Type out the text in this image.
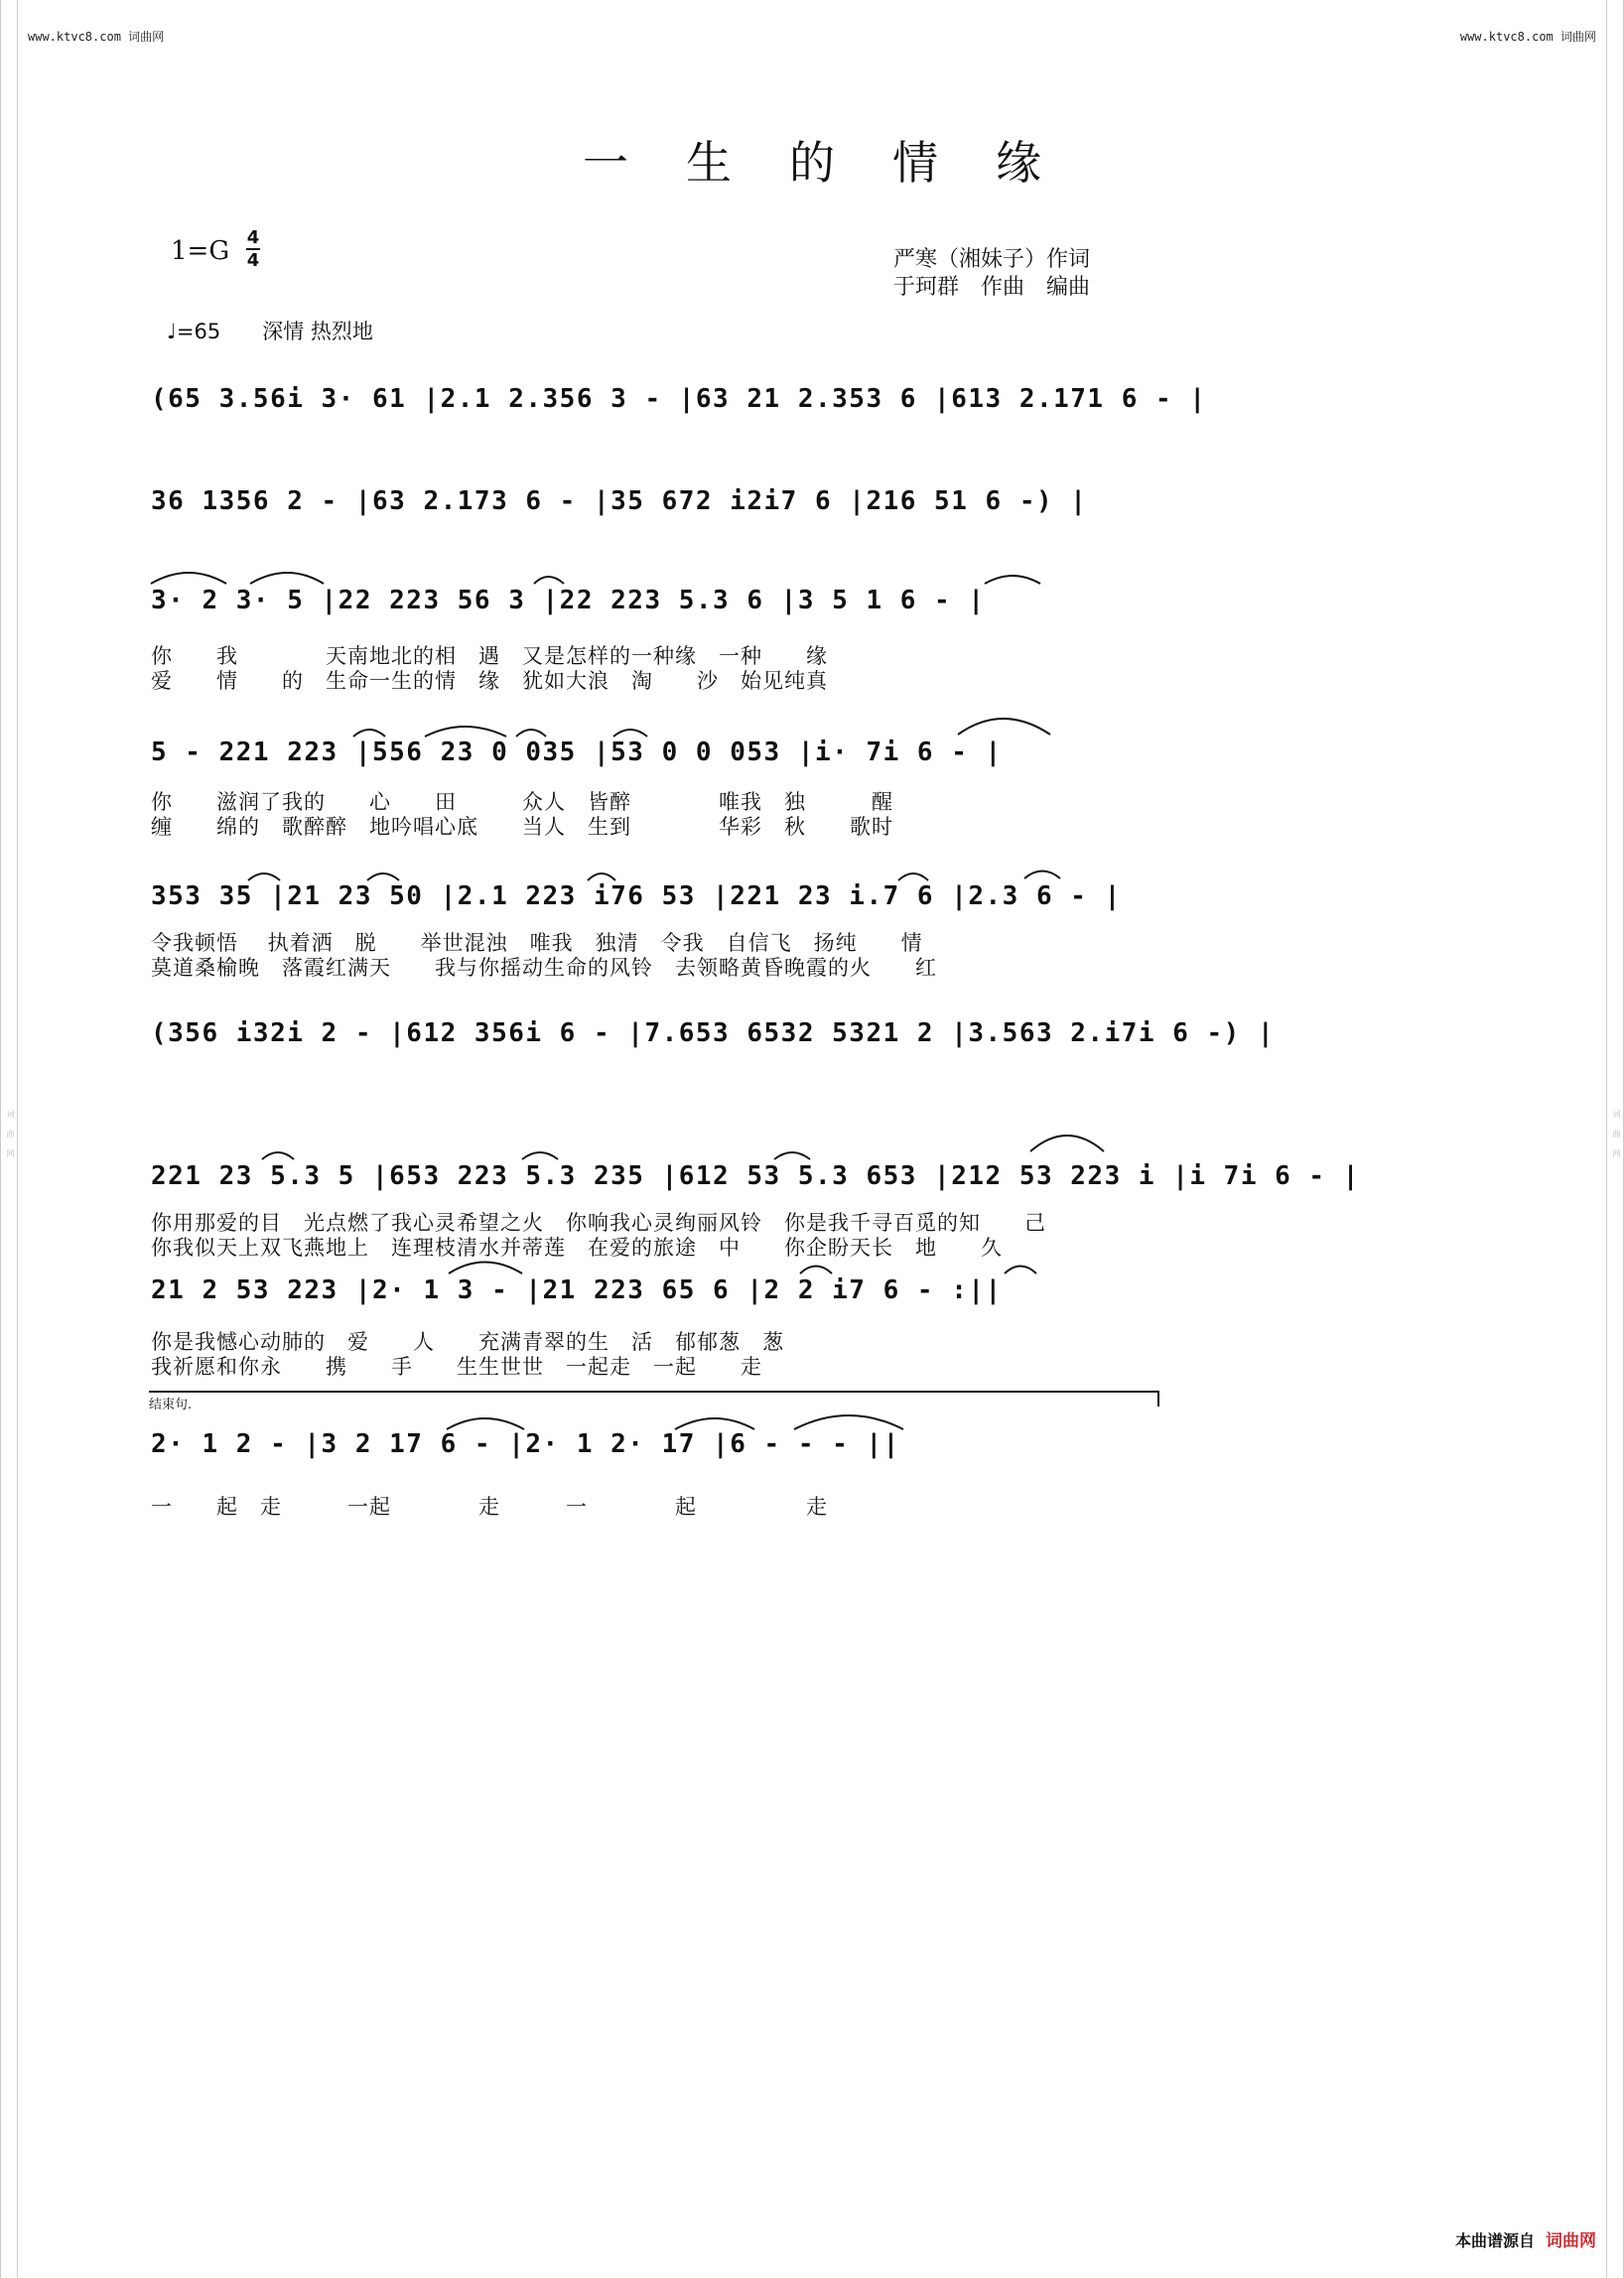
www.ktvc8.com 词曲网	www.ktvc8.com 词曲网
词曲网	词曲网
一生的情缘
1=G 4
4	严寒（湘妹子）作词
于珂群　作曲　编曲
♩=65　　深情 热烈地
(65 3.56i 3· 61 |2.1 2.356 3 - |63 21 2.353 6 |613 2.171 6 - |
36 1356 2 - |63 2.173 6 - |35 672 i2i7 6 |216 51 6 -) |
3· 2 3· 5 |22 223 56 3 |22 223 5.3 6 |3 5 1 6 - |
你　　我　　　　天南地北的相　遇　又是怎样的一种缘　一种　　缘
爱　　情　　的　生命一生的情　缘　犹如大浪　淘　　沙　始见纯真
5 - 221 223 |556 23 0 035 |53 0 0 053 |i· 7i 6 - |
你　　滋润了我的　　心　　田　　　众人　皆醉　　　　唯我　独　　　醒
缠　　绵的　歌醉醉　地吟唱心底　　当人　生到　　　　华彩　秋　　歌时
353 35 |21 23 50 |2.1 223 i76 53 |221 23 i.7 6 |2.3 6 - |
令我顿悟　 执着洒　脱　　举世混浊　唯我　独清　令我　自信飞　扬纯　　情
莫道桑榆晚　落霞红满天　　我与你摇动生命的风铃　去领略黄昏晚霞的火　　红
(356 i32i 2 - |612 356i 6 - |7.653 6532 5321 2 |3.563 2.i7i 6 -) |
221 23 5.3 5 |653 223 5.3 235 |612 53 5.3 653 |212 53 223 i |i 7i 6 - |
你用那爱的目　光点燃了我心灵希望之火　你响我心灵绚丽风铃　你是我千寻百觅的知　　己
你我似天上双飞燕地上　连理枝清水并蒂莲　在爱的旅途　中　　你企盼天长　地　　久
21 2 53 223 |2· 1 3 - |21 223 65 6 |2 2 i7 6 - :||
你是我憾心动肺的　爱　　人　　充满青翠的生　活　郁郁葱　葱
我祈愿和你永　　携　　手　　生生世世　一起走　一起　　走
结束句.
2· 1 2 - |3 2 17 6 - |2· 1 2· 17 |6 - - - ||
一　　起　走　　　一起　　　　走　　　一　　　　起　　　　　走
本曲谱源自 词曲网
